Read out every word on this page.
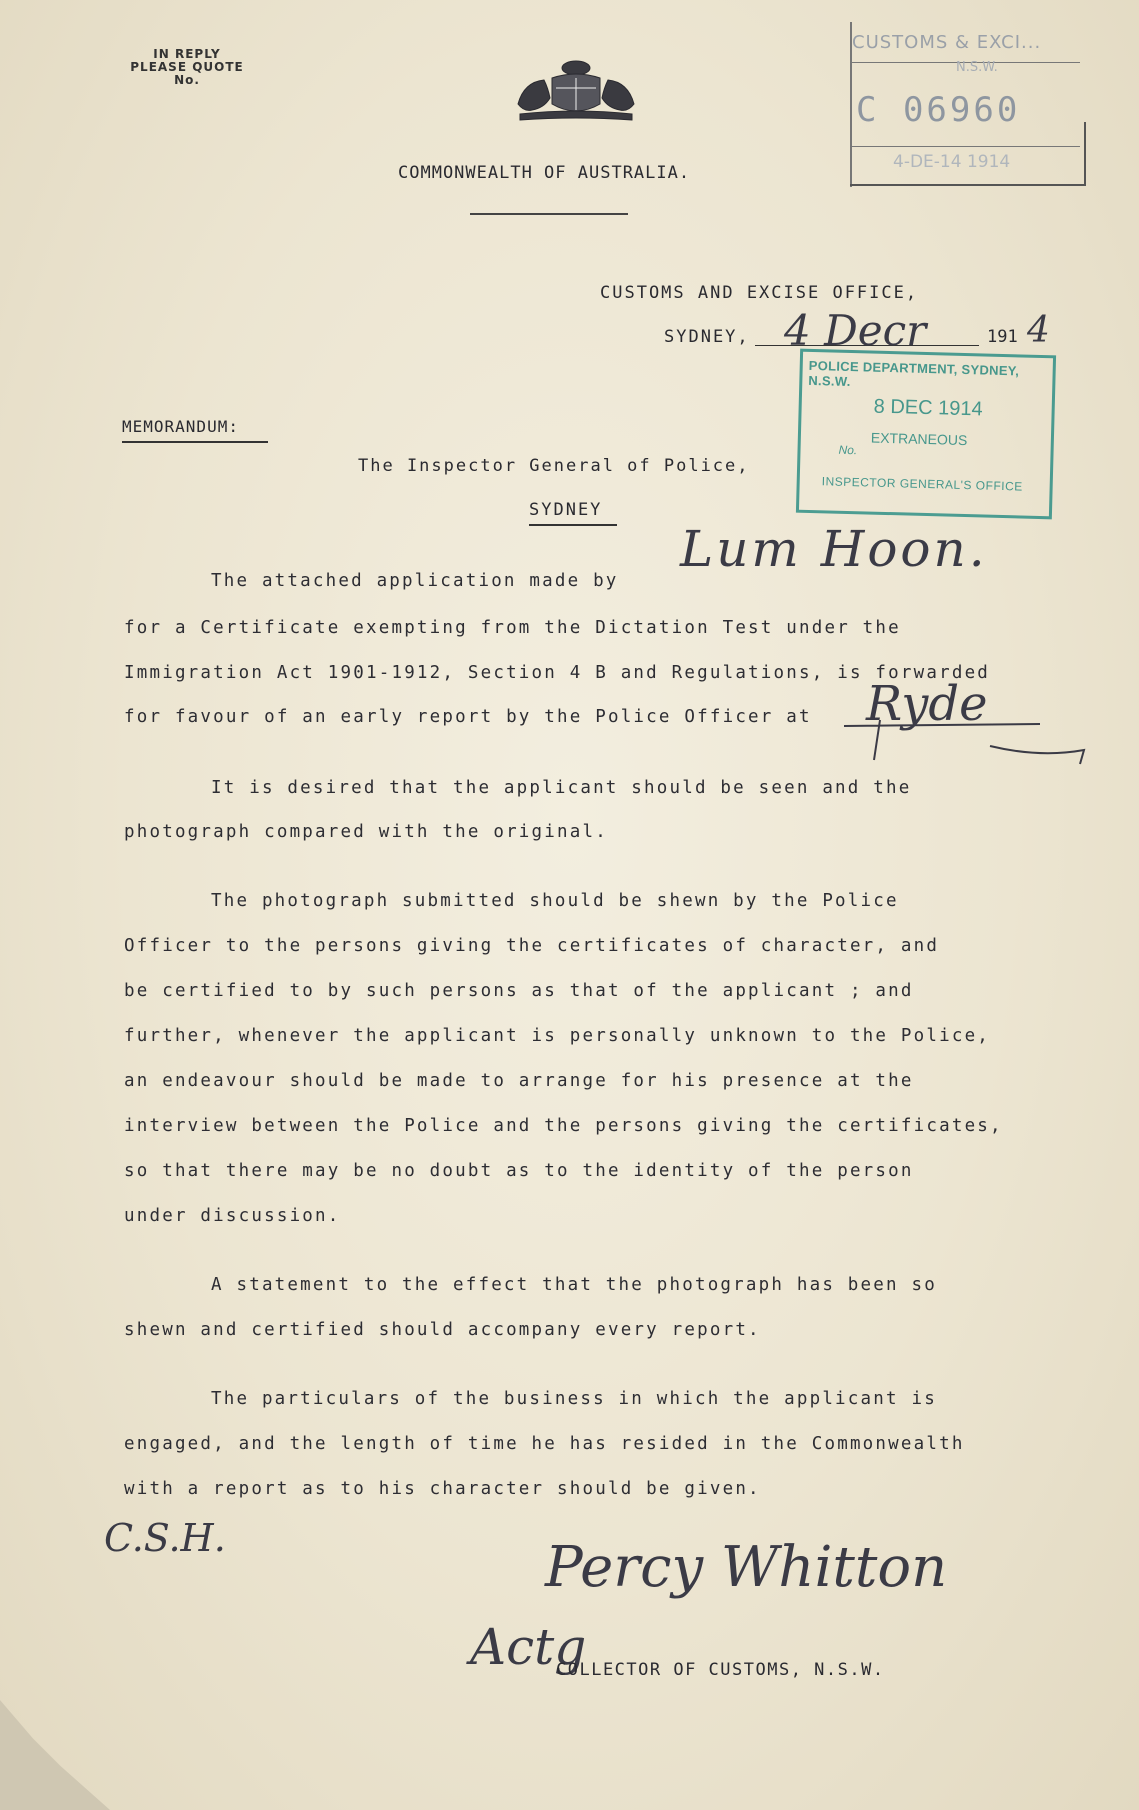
IN REPLY
PLEASE QUOTE
No.
COMMONWEALTH OF AUSTRALIA.
CUSTOMS & EXCI...
N.S.W.
C 06960
4-DE-14 1914
CUSTOMS AND EXCISE OFFICE,
SYDNEY, 4 Decr	191 4
POLICE DEPARTMENT, SYDNEY, N.S.W.
8 DEC 1914
EXTRANEOUS
No.
INSPECTOR GENERAL'S OFFICE
MEMORANDUM:
The Inspector General of Police,
SYDNEY
Lum Hoon.
The attached application made by
for a Certificate exempting from the Dictation Test under the
Immigration Act 1901-1912, Section 4 B and Regulations, is forwarded
for favour of an early report by the Police Officer at Ryde
It is desired that the applicant should be seen and the
photograph compared with the original.
The photograph submitted should be shewn by the Police
Officer to the persons giving the certificates of character, and
be certified to by such persons as that of the applicant ; and
further, whenever the applicant is personally unknown to the Police,
an endeavour should be made to arrange for his presence at the
interview between the Police and the persons giving the certificates,
so that there may be no doubt as to the identity of the person
under discussion.
A statement to the effect that the photograph has been so
shewn and certified should accompany every report.
The particulars of the business in which the applicant is
engaged, and the length of time he has resided in the Commonwealth
with a report as to his character should be given.
C.S.H.	Percy Whitton
Actg
COLLECTOR OF CUSTOMS, N.S.W.
